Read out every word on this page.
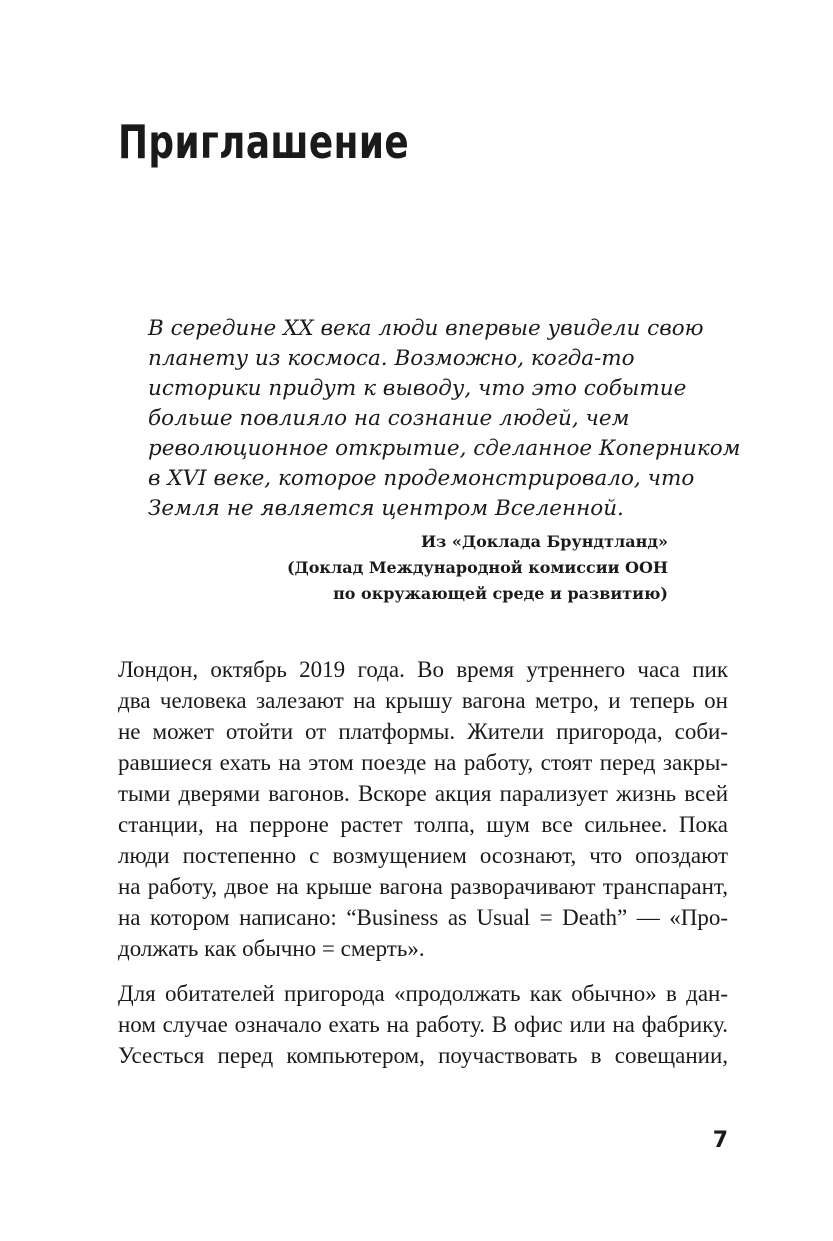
Приглашение
В середине XX века люди впервые увидели свою
планету из космоса. Возможно, когда-то
историки придут к выводу, что это событие
больше повлияло на сознание людей, чем
революционное открытие, сделанное Коперником
в XVI веке, которое продемонстрировало, что
Земля не является центром Вселенной.
Из «Доклада Брундтланд»
(Доклад Международной комиссии ООН
по окружающей среде и развитию)
Лондон, октябрь 2019 года. Во время утреннего часа пик
два человека залезают на крышу вагона метро, и теперь он
не может отойти от платформы. Жители пригорода, соби-
равшиеся ехать на этом поезде на работу, стоят перед закры-
тыми дверями вагонов. Вскоре акция парализует жизнь всей
станции, на перроне растет толпа, шум все сильнее. Пока
люди постепенно с возмущением осознают, что опоздают
на работу, двое на крыше вагона разворачивают транспарант,
на котором написано: “Business as Usual = Death” — «Про-
должать как обычно = смерть».
Для обитателей пригорода «продолжать как обычно» в дан-
ном случае означало ехать на работу. В офис или на фабрику.
Усесться перед компьютером, поучаствовать в совещании,
7
